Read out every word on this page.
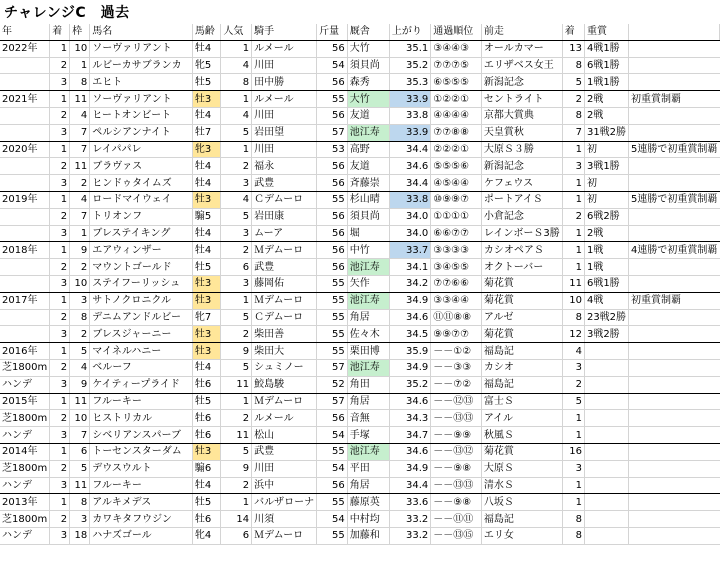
チャレンジC　過去
年	着	枠	馬名	馬齢	人気	騎手	斤量	厩舎	上がり	通過順位	前走	着	重賞	
2022年	1	10	ソーヴァリアント	牡4	1	ルメール	56	大竹	35.1	③④④③	オールカマー	13	4戦1勝	
	2	1	ルビーカサブランカ	牝5	4	川田	54	須貝尚	35.2	⑦⑦⑦⑤	エリザベス女王	8	6戦1勝	
	3	8	エヒト	牡5	8	田中勝	56	森秀	35.3	⑥⑤⑤⑤	新潟記念	5	1戦1勝	
2021年	1	11	ソーヴァリアント	牡3	1	ルメール	55	大竹	33.9	①②②①	セントライト	2	2戦	初重賞制覇
	2	4	ヒートオンビート	牡4	4	川田	56	友道	33.8	④④④④	京都大賞典	8	2戦	
	3	7	ペルシアンナイト	牡7	5	岩田望	57	池江寿	33.9	⑦⑦⑧⑧	天皇賞秋	7	31戦2勝	
2020年	1	7	レイパパレ	牝3	1	川田	53	高野	34.4	②②②①	大原Ｓ３勝	1	初	5連勝で初重賞制覇
	2	11	ブラヴァス	牡4	2	福永	56	友道	34.6	⑤⑤⑤⑥	新潟記念	3	3戦1勝	
	3	2	ヒンドゥタイムズ	牡4	3	武豊	56	斉藤崇	34.4	④⑤④④	ケフェウス	1	初	
2019年	1	4	ロードマイウェイ	牡3	4	Ｃデムーロ	55	杉山晴	33.8	⑩⑨⑨⑦	ポートアイＳ	1	初	5連勝で初重賞制覇
	2	7	トリオンフ	騸5	5	岩田康	56	須貝尚	34.0	①①①①	小倉記念	2	6戦2勝	
	3	1	ブレステイキング	牡4	3	ムーア	56	堀	34.0	⑥⑥⑦⑦	レインボーＳ3勝	1	2戦	
2018年	1	9	エアウィンザー	牡4	2	Ｍデムーロ	56	中竹	33.7	③③③③	カシオペアＳ	1	1戦	4連勝で初重賞制覇
	2	2	マウントゴールド	牡5	6	武豊	56	池江寿	34.1	③④⑤⑤	オクトーバー	1	1戦	
	3	10	ステイフーリッシュ	牡3	3	藤岡佑	55	矢作	34.2	⑦⑦⑥⑥	菊花賞	11	6戦1勝	
2017年	1	3	サトノクロニクル	牡3	1	Ｍデムーロ	55	池江寿	34.9	③③④④	菊花賞	10	4戦	初重賞制覇
	2	8	デニムアンドルビー	牝7	5	Ｃデムーロ	55	角居	34.6	⑪⑪⑧⑧	アルゼ	8	23戦2勝	
	3	2	ブレスジャーニー	牡3	2	柴田善	55	佐々木	34.5	⑨⑨⑦⑦	菊花賞	12	3戦2勝	
2016年	1	5	マイネルハニー	牡3	9	柴田大	55	栗田博	35.9	－－①②	福島記	4		
芝1800m	2	4	ベルーフ	牡4	5	シュミノー	57	池江寿	34.9	－－③③	カシオ	3		
ハンデ	3	9	ケイティープライド	牡6	11	鮫島駿	52	角田	35.2	－－⑦②	福島記	2		
2015年	1	11	フルーキー	牡5	1	Ｍデムーロ	57	角居	34.6	－－⑫⑬	富士Ｓ	5		
芝1800m	2	10	ヒストリカル	牡6	2	ルメール	56	音無	34.3	－－⑬⑬	アイル	1		
ハンデ	3	7	シベリアンスパーブ	牡6	11	松山	54	手塚	34.7	－－⑨⑨	秋風Ｓ	1		
2014年	1	6	トーセンスターダム	牡3	5	武豊	55	池江寿	34.6	－－⑬⑫	菊花賞	16		
芝1800m	2	5	デウスウルト	騸6	9	川田	54	平田	34.9	－－⑨⑧	大原Ｓ	3		
ハンデ	3	11	フルーキー	牡4	2	浜中	56	角居	34.4	－－⑬⑬	清水Ｓ	1		
2013年	1	8	アルキメデス	牡5	1	バルザローナ	55	藤原英	33.6	－－⑨⑧	八坂Ｓ	1		
芝1800m	2	3	カワキタフウジン	牡6	14	川須	54	中村均	33.2	－－⑪⑪	福島記	8		
ハンデ	3	18	ハナズゴール	牝4	6	Ｍデムーロ	55	加藤和	33.2	－－⑬⑮	エリ女	8		
